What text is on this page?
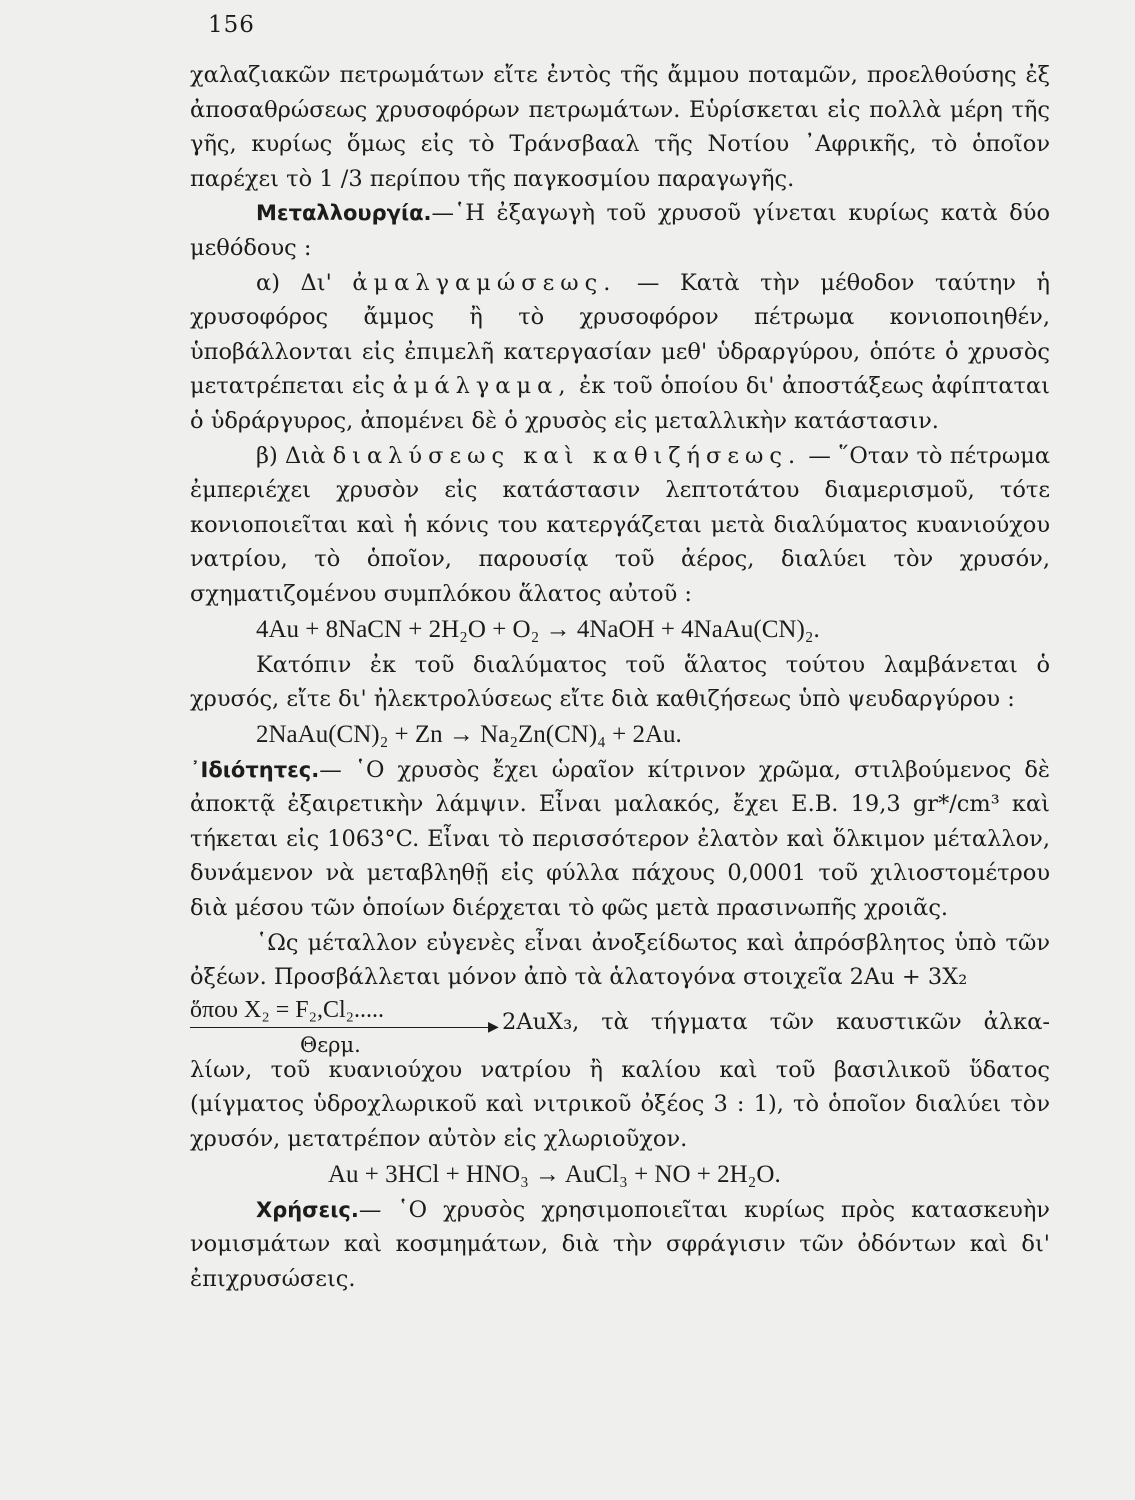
156

χαλαζιακῶν πετρωμάτων εἴτε ἐντὸς τῆς ἄμμου ποταμῶν, προελθούσης ἐξ ἀποσαθρώσεως χρυσοφόρων πετρωμάτων. Εὑρίσκεται εἰς πολλὰ μέρη τῆς γῆς, κυρίως ὅμως εἰς τὸ Τράνσβααλ τῆς Νοτίου ᾿Αφρικῆς, τὸ ὁποῖον παρέχει τὸ 1 /3 περίπου τῆς παγκοσμίου παραγωγῆς.

Μεταλλουργία.—῾Η ἐξαγωγὴ τοῦ χρυσοῦ γίνεται κυρίως κατὰ δύο μεθόδους :

α) Δι' ἀμαλγαμώσεως. — Κατὰ τὴν μέθοδον ταύτην ἡ χρυσοφόρος ἄμμος ἢ τὸ χρυσοφόρον πέτρωμα κονιοποιηθέν, ὑποβάλλονται εἰς ἐπιμελῆ κατεργασίαν μεθ' ὑδραργύρου, ὁπότε ὁ χρυσὸς μετατρέπεται εἰς ἀμάλγαμα, ἐκ τοῦ ὁποίου δι' ἀποστάξεως ἀφίπταται ὁ ὑδράργυρος, ἀπομένει δὲ ὁ χρυσὸς εἰς μεταλλικὴν κατάστασιν.

β) Διὰ διαλύσεως καὶ καθιζήσεως. — ῞Οταν τὸ πέτρωμα ἐμπεριέχει χρυσὸν εἰς κατάστασιν λεπτοτάτου διαμερισμοῦ, τότε κονιοποιεῖται καὶ ἡ κόνις του κατεργάζεται μετὰ διαλύματος κυανιούχου νατρίου, τὸ ὁποῖον, παρουσίᾳ τοῦ ἀέρος, διαλύει τὸν χρυσόν, σχηματιζομένου συμπλόκου ἅλατος αὐτοῦ :

4Au + 8NaCN + 2H₂O + O₂ → 4NaOH + 4NaAu(CN)₂.

Κατόπιν ἐκ τοῦ διαλύματος τοῦ ἅλατος τούτου λαμβάνεται ὁ χρυσός, εἴτε δι' ἠλεκτρολύσεως εἴτε διὰ καθιζήσεως ὑπὸ ψευδαργύρου :

2NaAu(CN)₂ + Zn → Na₂Zn(CN)₄ + 2Au.

᾿Ιδιότητες.— ῾Ο χρυσὸς ἔχει ὡραῖον κίτρινον χρῶμα, στιλβούμενος δὲ ἀποκτᾷ ἐξαιρετικὴν λάμψιν. Εἶναι μαλακός, ἔχει Ε.Β. 19,3 gr*/cm³ καὶ τήκεται εἰς 1063°C. Εἶναι τὸ περισσότερον ἐλατὸν καὶ ὅλκιμον μέταλλον, δυνάμενον νὰ μεταβληθῇ εἰς φύλλα πάχους 0,0001 τοῦ χιλιοστομέτρου διὰ μέσου τῶν ὁποίων διέρχεται τὸ φῶς μετὰ πρασινωπῆς χροιᾶς.

῾Ως μέταλλον εὐγενὲς εἶναι ἀνοξείδωτος καὶ ἀπρόσβλητος ὑπὸ τῶν ὀξέων. Προσβάλλεται μόνον ἀπὸ τὰ ἁλατογόνα στοιχεῖα 2Au + 3X₂

ὅπου X₂ = F₂,Cl₂.....
▶
Θερμ.
2AuX₃, τὰ τήγματα τῶν καυστικῶν ἀλκα-

λίων, τοῦ κυανιούχου νατρίου ἢ καλίου καὶ τοῦ βασιλικοῦ ὕδατος (μίγματος ὑδροχλωρικοῦ καὶ νιτρικοῦ ὀξέος 3 : 1), τὸ ὁποῖον διαλύει τὸν χρυσόν, μετατρέπον αὐτὸν εἰς χλωριοῦχον.

Au + 3HCl + HNO₃ → AuCl₃ + NO + 2H₂O.

Χρήσεις.— ῾Ο χρυσὸς χρησιμοποιεῖται κυρίως πρὸς κατασκευὴν νομισμάτων καὶ κοσμημάτων, διὰ τὴν σφράγισιν τῶν ὀδόντων καὶ δι' ἐπιχρυσώσεις.
